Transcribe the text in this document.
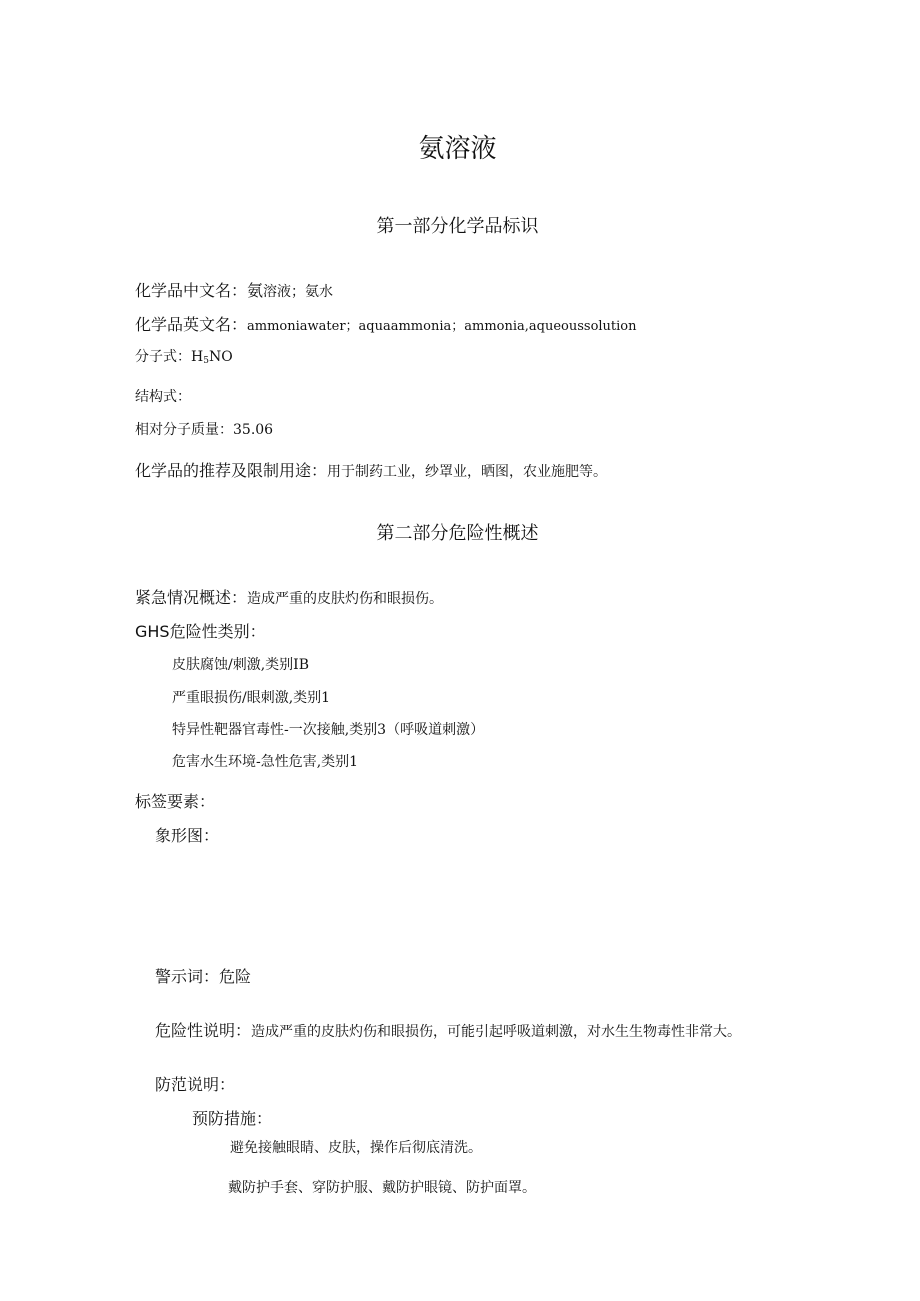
氨溶液
第一部分化学品标识
化学品中文名：氨溶液；氨水
化学品英文名：ammoniawater；aquaammonia；ammonia,aqueoussolution
分子式：$H_5NO$
结构式：
相对分子质量：35.06
化学品的推荐及限制用途：用于制药工业，纱罩业，晒图，农业施肥等。
第二部分危险性概述
紧急情况概述：造成严重的皮肤灼伤和眼损伤。
GHS危险性类别：
皮肤腐蚀/刺激,类别IB
严重眼损伤/眼刺激,类别1
特异性靶器官毒性-一次接触,类别3（呼吸道刺激）
危害水生环境-急性危害,类别1
标签要素：
象形图：
警示词：危险
危险性说明：造成严重的皮肤灼伤和眼损伤，可能引起呼吸道刺激，对水生生物毒性非常大。
防范说明：
预防措施：
避免接触眼睛、皮肤，操作后彻底清洗。
戴防护手套、穿防护服、戴防护眼镜、防护面罩。
